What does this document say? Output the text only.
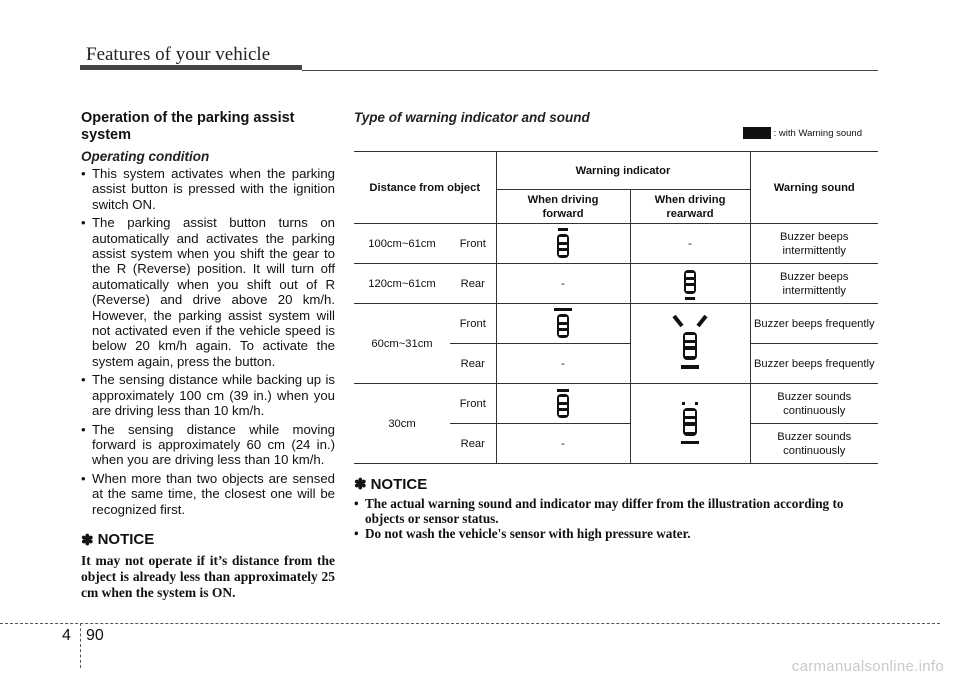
Features of your vehicle

Operation of the parking assist system

Operating condition
• This system activates when the parking assist button is pressed with the ignition switch ON.
• The parking assist button turns on automatically and activates the parking assist system when you shift the gear to the R (Reverse) position. It will turn off automatically when you shift out of R (Reverse) and drive above 20 km/h. However, the parking assist system will not activated even if the vehicle speed is below 20 km/h again. To activate the system again, press the button.
• The sensing distance while backing up is approximately 100 cm (39 in.) when you are driving less than 10 km/h.
• The sensing distance while moving forward is approximately 60 cm (24 in.) when you are driving less than 10 km/h.
• When more than two objects are sensed at the same time, the closest one will be recognized first.
✽ NOTICE
It may not operate if it’s distance from the object is already less than approximately 25 cm when the system is ON.
Type of warning indicator and sound
: with Warning sound
Distance from object		Warning indicator		Warning sound
		When driving forward	When driving rearward	
100cm~61cm	Front		-	Buzzer beeps intermittently
120cm~61cm	Rear	-		Buzzer beeps intermittently
60cm~31cm	Front			Buzzer beeps frequently
	Rear	-		Buzzer beeps frequently
30cm	Front			Buzzer sounds continuously
	Rear	-		Buzzer sounds continuously
✽ NOTICE
• The actual warning sound and indicator may differ from the illustration according to objects or sensor status.
• Do not wash the vehicle's sensor with high pressure water.
4 90
carmanualsonline.info
